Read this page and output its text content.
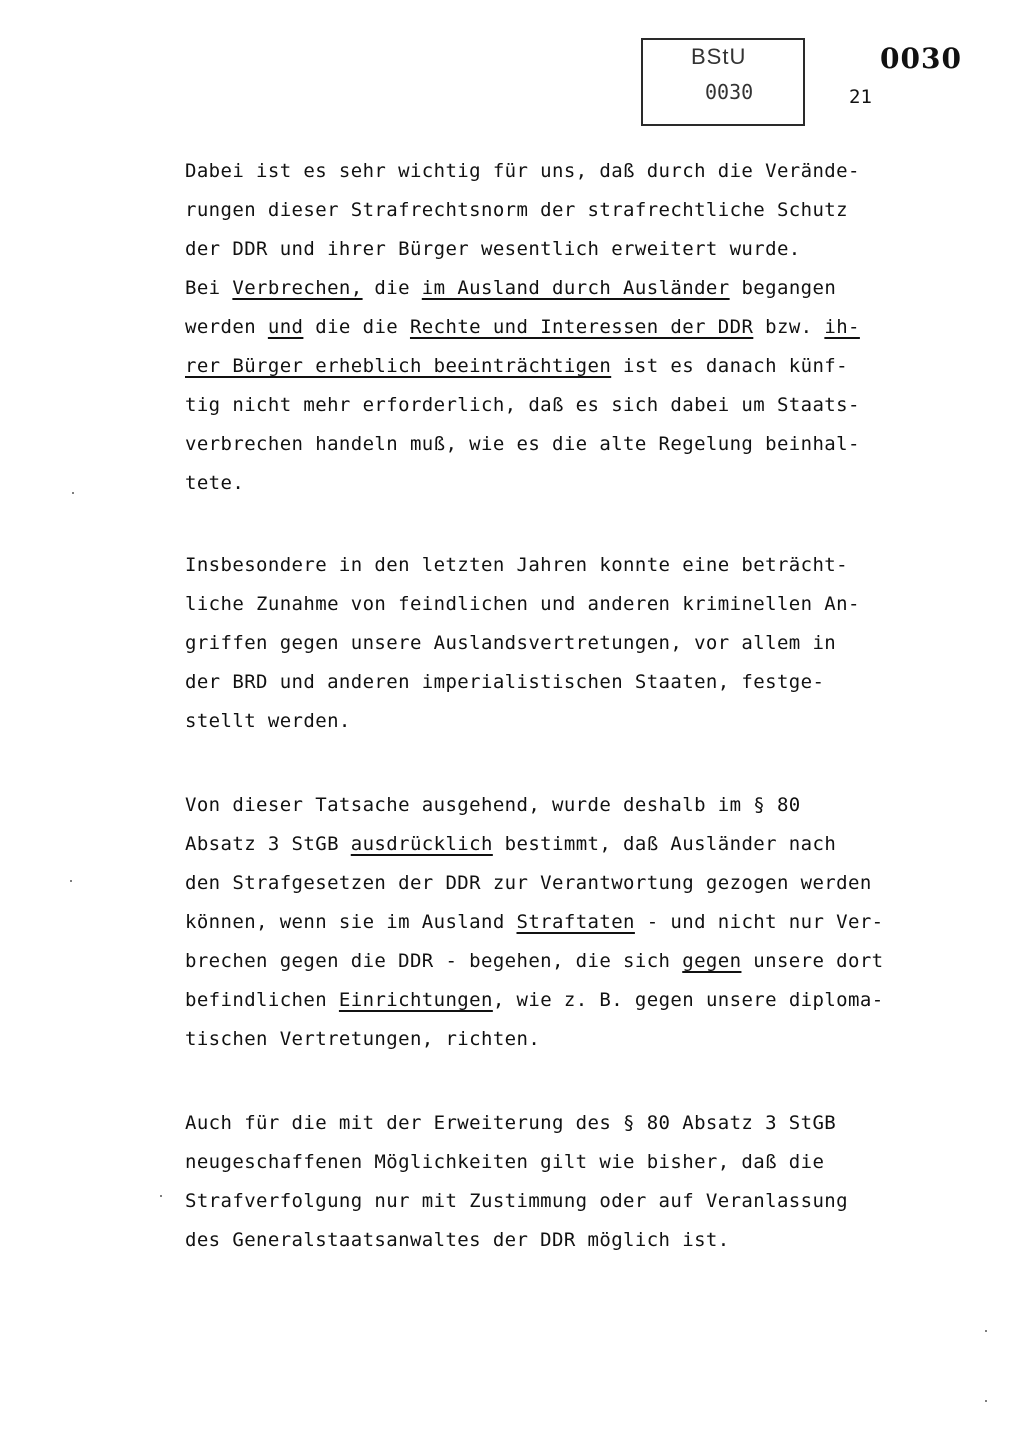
BStU
0030
0030
21
Dabei ist es sehr wichtig für uns, daß durch die Verände-
rungen dieser Strafrechtsnorm der strafrechtliche Schutz
der DDR und ihrer Bürger wesentlich erweitert wurde.
Bei Verbrechen, die im Ausland durch Ausländer begangen
werden und die die Rechte und Interessen der DDR bzw. ih-
rer Bürger erheblich beeinträchtigen ist es danach künf-
tig nicht mehr erforderlich, daß es sich dabei um Staats-
verbrechen handeln muß, wie es die alte Regelung beinhal-
tete.
Insbesondere in den letzten Jahren konnte eine beträcht-
liche Zunahme von feindlichen und anderen kriminellen An-
griffen gegen unsere Auslandsvertretungen, vor allem in
der BRD und anderen imperialistischen Staaten, festge-
stellt werden.
Von dieser Tatsache ausgehend, wurde deshalb im § 80
Absatz 3 StGB ausdrücklich bestimmt, daß Ausländer nach
den Strafgesetzen der DDR zur Verantwortung gezogen werden
können, wenn sie im Ausland Straftaten - und nicht nur Ver-
brechen gegen die DDR - begehen, die sich gegen unsere dort
befindlichen Einrichtungen, wie z. B. gegen unsere diploma-
tischen Vertretungen, richten.
Auch für die mit der Erweiterung des § 80 Absatz 3 StGB
neugeschaffenen Möglichkeiten gilt wie bisher, daß die
Strafverfolgung nur mit Zustimmung oder auf Veranlassung
des Generalstaatsanwaltes der DDR möglich ist.
